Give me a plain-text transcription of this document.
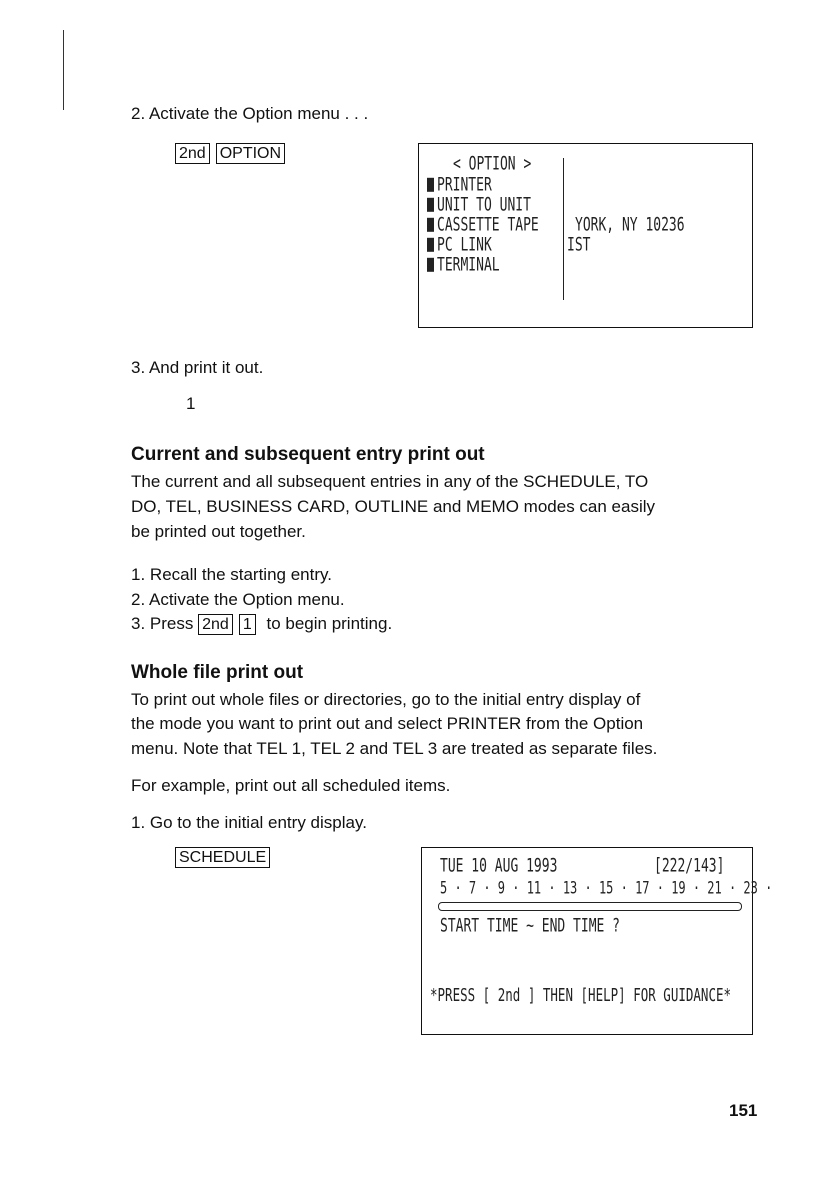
2. Activate the Option menu . . .
2nd OPTION
< OPTION >
PRINTER
UNIT TO UNIT
CASSETTE TAPE
PC LINK
TERMINAL
YORK, NY 10236
IST
3. And print it out.
1
Current and subsequent entry print out
The current and all subsequent entries in any of the SCHEDULE, TO
DO, TEL, BUSINESS CARD, OUTLINE and MEMO modes can easily
be printed out together.
1. Recall the starting entry.
2. Activate the Option menu.
3. Press 2nd 1 to begin printing.
Whole file print out
To print out whole files or directories, go to the initial entry display of
the mode you want to print out and select PRINTER from the Option
menu. Note that TEL 1, TEL 2 and TEL 3 are treated as separate files.
For example, print out all scheduled items.
1. Go to the initial entry display.
SCHEDULE	TUE 10 AUG 1993	[222/143]
5 · 7 · 9 · 11 · 13 · 15 · 17 · 19 · 21 · 23 ·
START TIME ~ END TIME ?
*PRESS [ 2nd ] THEN [HELP] FOR GUIDANCE*
151
